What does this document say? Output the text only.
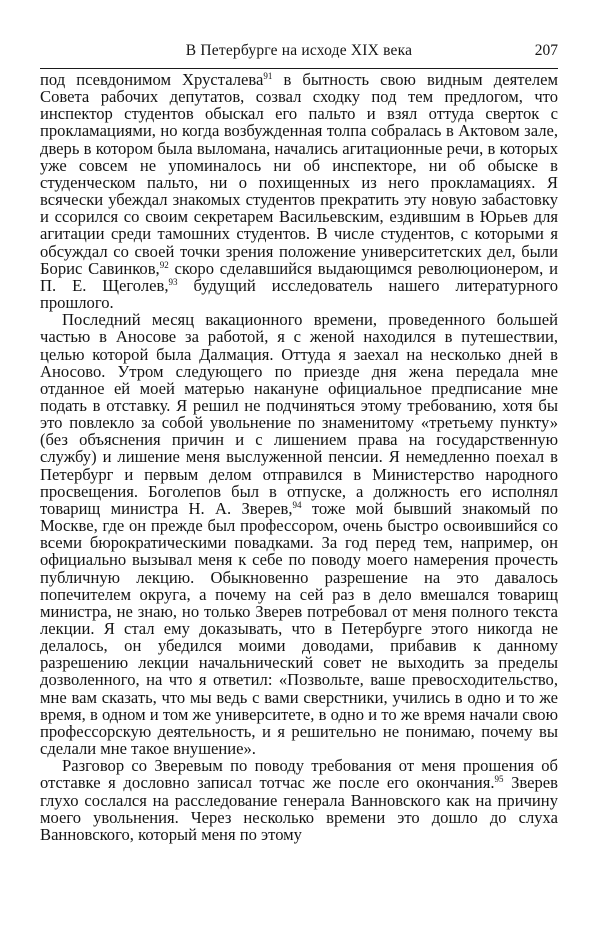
В Петербурге на исходе XIX века	207

под псевдонимом Хрусталева$^{91}$ в бытность свою видным деятелем Совета рабочих депутатов, созвал сходку под тем предлогом, что инспектор студентов обыскал его пальто и взял оттуда сверток с прокламациями, но когда возбужденная толпа собралась в Актовом зале, дверь в котором была выломана, начались агитационные речи, в которых уже совсем не упоминалось ни об инспекторе, ни об обыске в студенческом пальто, ни о похищенных из него прокламациях. Я всячески убеждал знакомых студентов прекратить эту новую забастовку и ссорился со своим секретарем Васильевским, ездившим в Юрьев для агитации среди тамошних студентов. В числе студентов, с которыми я обсуждал со своей точки зрения положение университетских дел, были Борис Савинков,$^{92}$ скоро сделавшийся выдающимся революционером, и П. Е. Щеголев,$^{93}$ будущий исследователь нашего литературного прошлого.

Последний месяц вакационного времени, проведенного большей частью в Аносове за работой, я с женой находился в путешествии, целью которой была Далмация. Оттуда я заехал на несколько дней в Аносово. Утром следующего по приезде дня жена передала мне отданное ей моей матерью накануне официальное предписание мне подать в отставку. Я решил не подчиняться этому требованию, хотя бы это повлекло за собой увольнение по знаменитому «третьему пункту» (без объяснения причин и с лишением права на государственную службу) и лишение меня выслуженной пенсии. Я немедленно поехал в Петербург и первым делом отправился в Министерство народного просвещения. Боголепов был в отпуске, а должность его исполнял товарищ министра Н. А. Зверев,$^{94}$ тоже мой бывший знакомый по Москве, где он прежде был профессором, очень быстро освоившийся со всеми бюрократическими повадками. За год перед тем, например, он официально вызывал меня к себе по поводу моего намерения прочесть публичную лекцию. Обыкновенно разрешение на это давалось попечителем округа, а почему на сей раз в дело вмешался товарищ министра, не знаю, но только Зверев потребовал от меня полного текста лекции. Я стал ему доказывать, что в Петербурге этого никогда не делалось, он убедился моими доводами, прибавив к данному разрешению лекции начальнический совет не выходить за пределы дозволенного, на что я ответил: «Позвольте, ваше превосходительство, мне вам сказать, что мы ведь с вами сверстники, учились в одно и то же время, в одном и том же университете, в одно и то же время начали свою профессорскую деятельность, и я решительно не понимаю, почему вы сделали мне такое внушение».

Разговор со Зверевым по поводу требования от меня прошения об отставке я дословно записал тотчас же после его окончания.$^{95}$ Зверев глухо сослался на расследование генерала Ванновского как на причину моего увольнения. Через несколько времени это дошло до слуха Ванновского, который меня по этому
